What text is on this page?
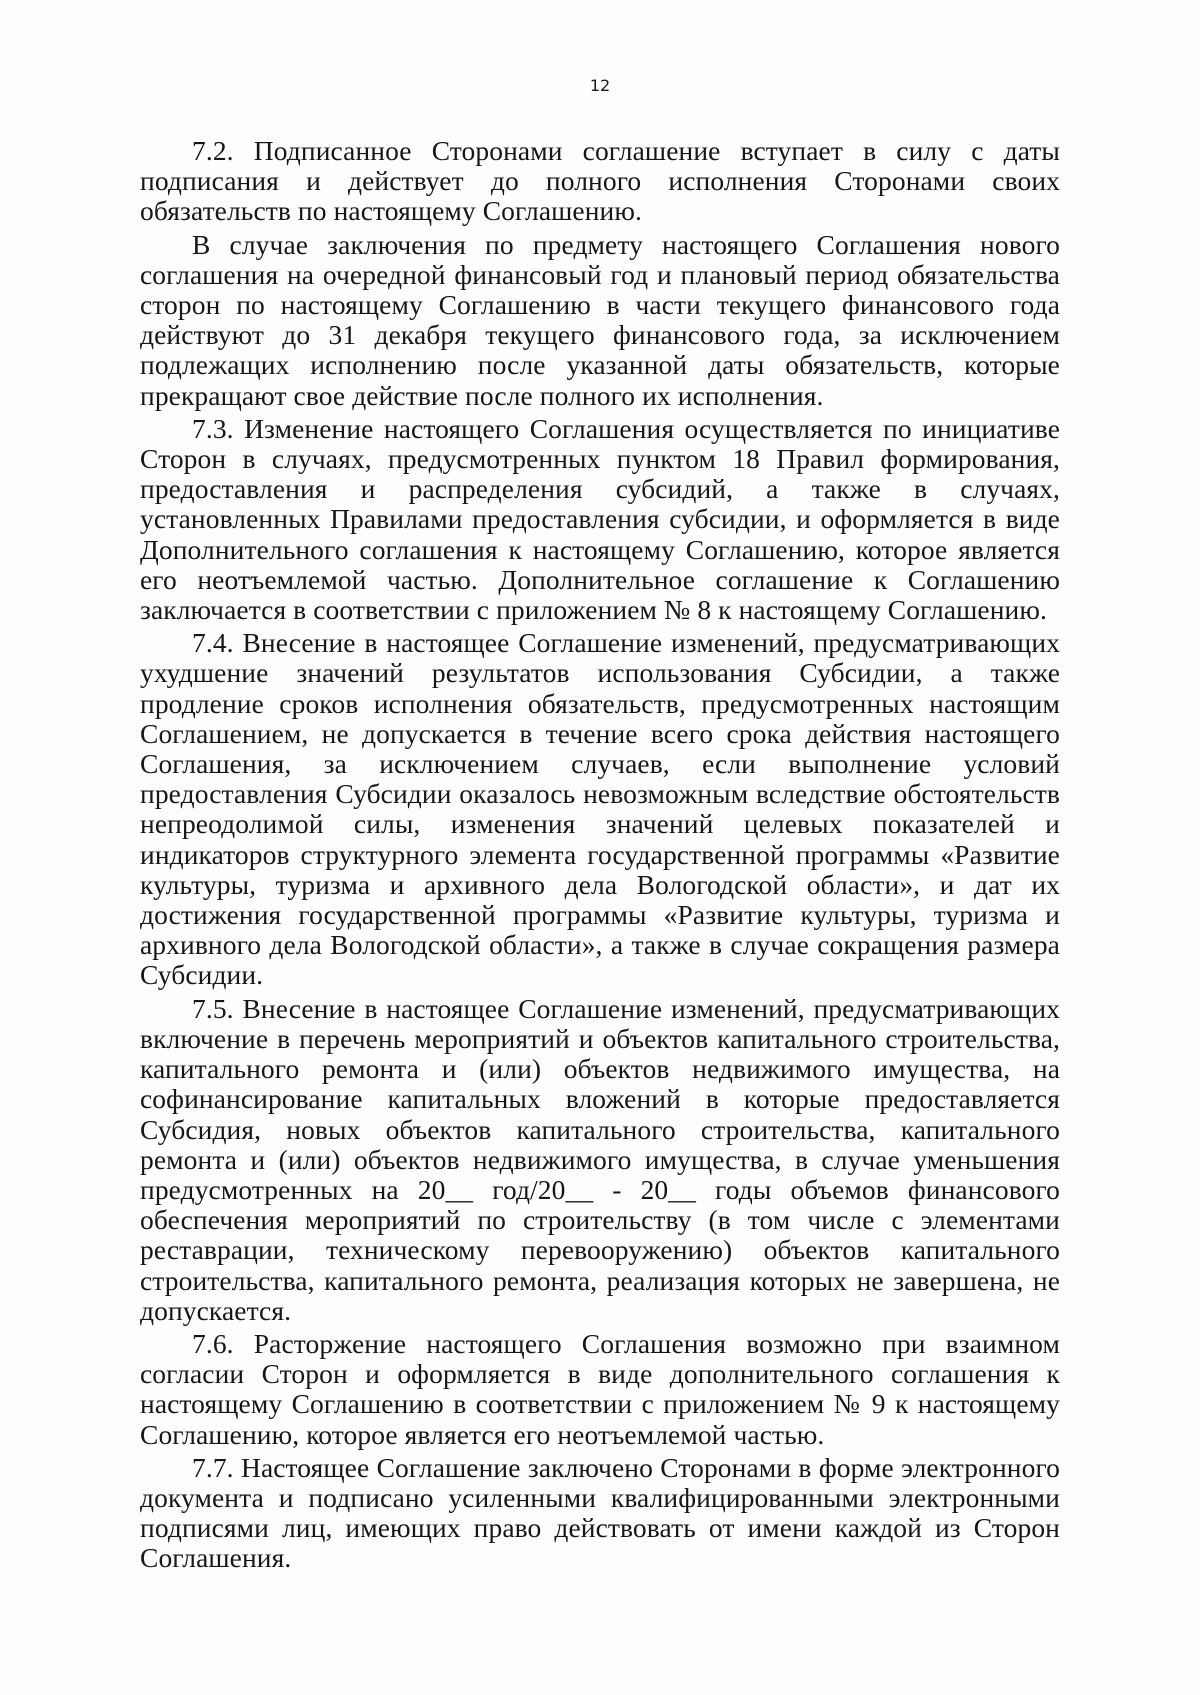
12

7.2. Подписанное Сторонами соглашение вступает в силу с даты подписания и действует до полного исполнения Сторонами своих обязательств по настоящему Соглашению.

В случае заключения по предмету настоящего Соглашения нового соглашения на очередной финансовый год и плановый период обязательства сторон по настоящему Соглашению в части текущего финансового года действуют до 31 декабря текущего финансового года, за исключением подлежащих исполнению после указанной даты обязательств, которые прекращают свое действие после полного их исполнения.

7.3. Изменение настоящего Соглашения осуществляется по инициативе Сторон в случаях, предусмотренных пунктом 18 Правил формирования, предоставления и распределения субсидий, а также в случаях, установленных Правилами предоставления субсидии, и оформляется в виде Дополнительного соглашения к настоящему Соглашению, которое является его неотъемлемой частью. Дополнительное соглашение к Соглашению заключается в соответствии с приложением № 8 к настоящему Соглашению.

7.4. Внесение в настоящее Соглашение изменений, предусматривающих ухудшение значений результатов использования Субсидии, а также продление сроков исполнения обязательств, предусмотренных настоящим Соглашением, не допускается в течение всего срока действия настоящего Соглашения, за исключением случаев, если выполнение условий предоставления Субсидии оказалось невозможным вследствие обстоятельств непреодолимой силы, изменения значений целевых показателей и индикаторов структурного элемента государственной программы «Развитие культуры, туризма и архивного дела Вологодской области», и дат их достижения государственной программы «Развитие культуры, туризма и архивного дела Вологодской области», а также в случае сокращения размера Субсидии.

7.5. Внесение в настоящее Соглашение изменений, предусматривающих включение в перечень мероприятий и объектов капитального строительства, капитального ремонта и (или) объектов недвижимого имущества, на софинансирование капитальных вложений в которые предоставляется Субсидия, новых объектов капитального строительства, капитального ремонта и (или) объектов недвижимого имущества, в случае уменьшения предусмотренных на 20__ год/20__ - 20__ годы объемов финансового обеспечения мероприятий по строительству (в том числе с элементами реставрации, техническому перевооружению) объектов капитального строительства, капитального ремонта, реализация которых не завершена, не допускается.

7.6. Расторжение настоящего Соглашения возможно при взаимном согласии Сторон и оформляется в виде дополнительного соглашения к настоящему Соглашению в соответствии с приложением № 9 к настоящему Соглашению, которое является его неотъемлемой частью.

7.7. Настоящее Соглашение заключено Сторонами в форме электронного документа и подписано усиленными квалифицированными электронными подписями лиц, имеющих право действовать от имени каждой из Сторон Соглашения.
